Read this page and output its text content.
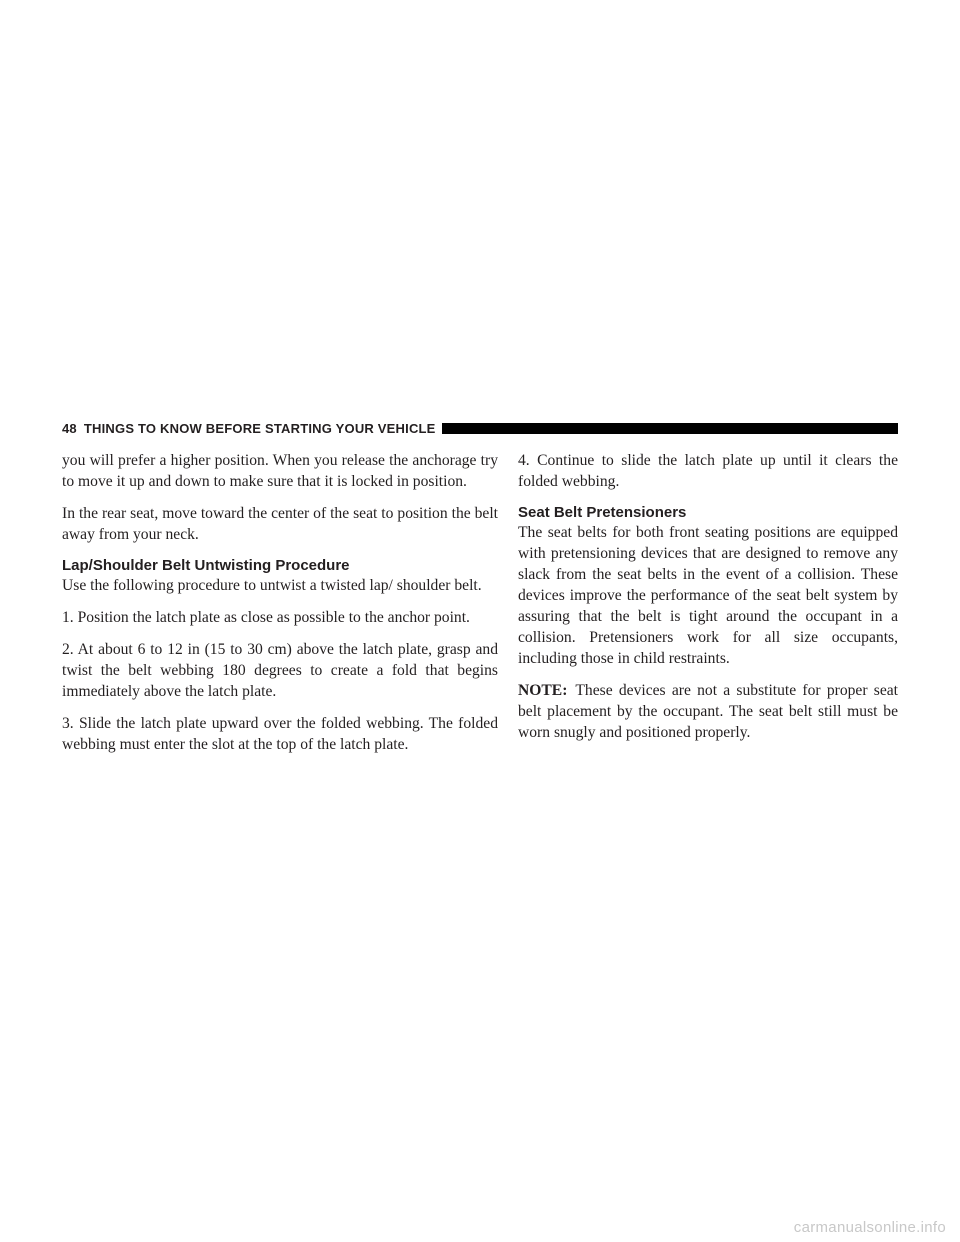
48 THINGS TO KNOW BEFORE STARTING YOUR VEHICLE

you will prefer a higher position. When you release the anchorage try to move it up and down to make sure that it is locked in position.

In the rear seat, move toward the center of the seat to position the belt away from your neck.

Lap/Shoulder Belt Untwisting Procedure

Use the following procedure to untwist a twisted lap/ shoulder belt.

1. Position the latch plate as close as possible to the anchor point.

2. At about 6 to 12 in (15 to 30 cm) above the latch plate, grasp and twist the belt webbing 180 degrees to create a fold that begins immediately above the latch plate.

3. Slide the latch plate upward over the folded webbing. The folded webbing must enter the slot at the top of the latch plate.

4. Continue to slide the latch plate up until it clears the folded webbing.

Seat Belt Pretensioners

The seat belts for both front seating positions are equipped with pretensioning devices that are designed to remove any slack from the seat belts in the event of a collision. These devices improve the performance of the seat belt system by assuring that the belt is tight around the occupant in a collision. Pretensioners work for all size occupants, including those in child restraints.

NOTE: These devices are not a substitute for proper seat belt placement by the occupant. The seat belt still must be worn snugly and positioned properly.

carmanualsonline.info
